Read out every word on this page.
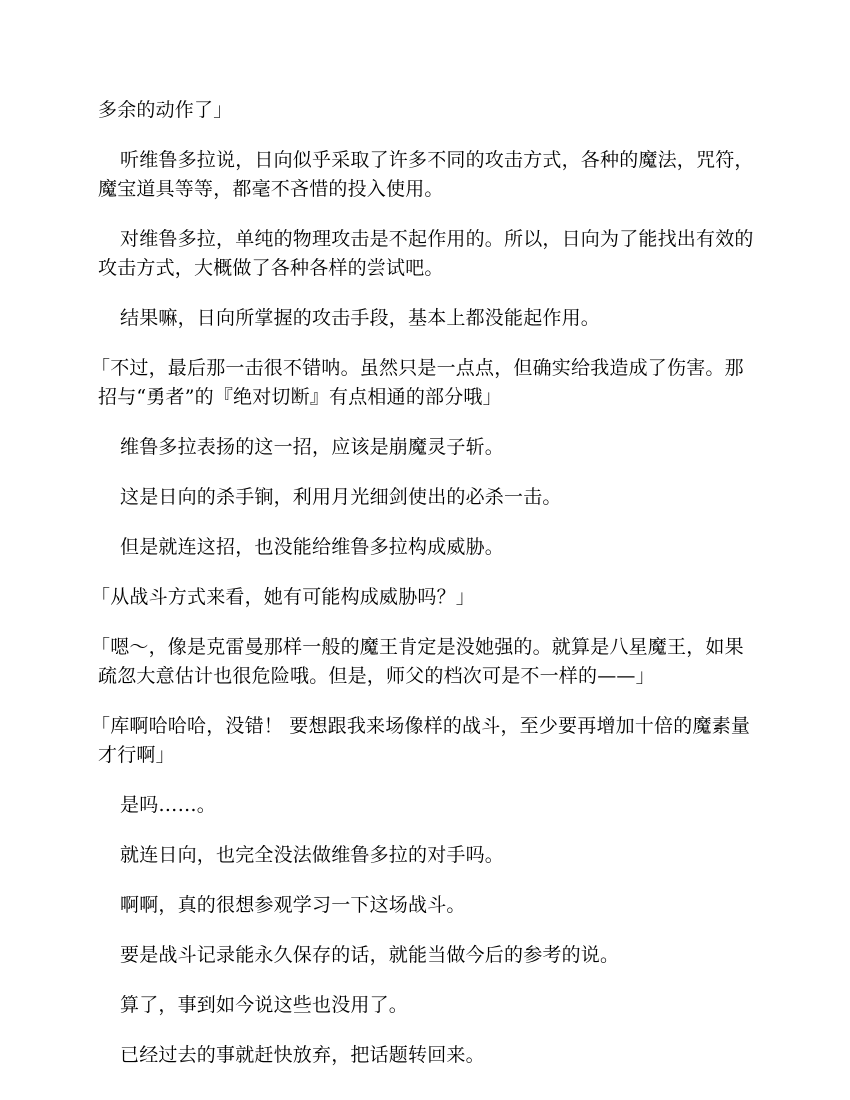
多余的动作了」

听维鲁多拉说，日向似乎采取了许多不同的攻击方式，各种的魔法，咒符，魔宝道具等等，都毫不吝惜的投入使用。

对维鲁多拉，单纯的物理攻击是不起作用的。所以，日向为了能找出有效的攻击方式，大概做了各种各样的尝试吧。

结果嘛，日向所掌握的攻击手段，基本上都没能起作用。

「不过，最后那一击很不错呐。虽然只是一点点，但确实给我造成了伤害。那招与“勇者”的『绝对切断』有点相通的部分哦」

维鲁多拉表扬的这一招，应该是崩魔灵子斩。

这是日向的杀手锏，利用月光细剑使出的必杀一击。

但是就连这招，也没能给维鲁多拉构成威胁。

「从战斗方式来看，她有可能构成威胁吗？」

「嗯～，像是克雷曼那样一般的魔王肯定是没她强的。就算是八星魔王，如果疏忽大意估计也很危险哦。但是，师父的档次可是不一样的——」

「库啊哈哈哈，没错！ 要想跟我来场像样的战斗，至少要再增加十倍的魔素量才行啊」

是吗……。

就连日向，也完全没法做维鲁多拉的对手吗。

啊啊，真的很想参观学习一下这场战斗。

要是战斗记录能永久保存的话，就能当做今后的参考的说。

算了，事到如今说这些也没用了。

已经过去的事就赶快放弃，把话题转回来。
